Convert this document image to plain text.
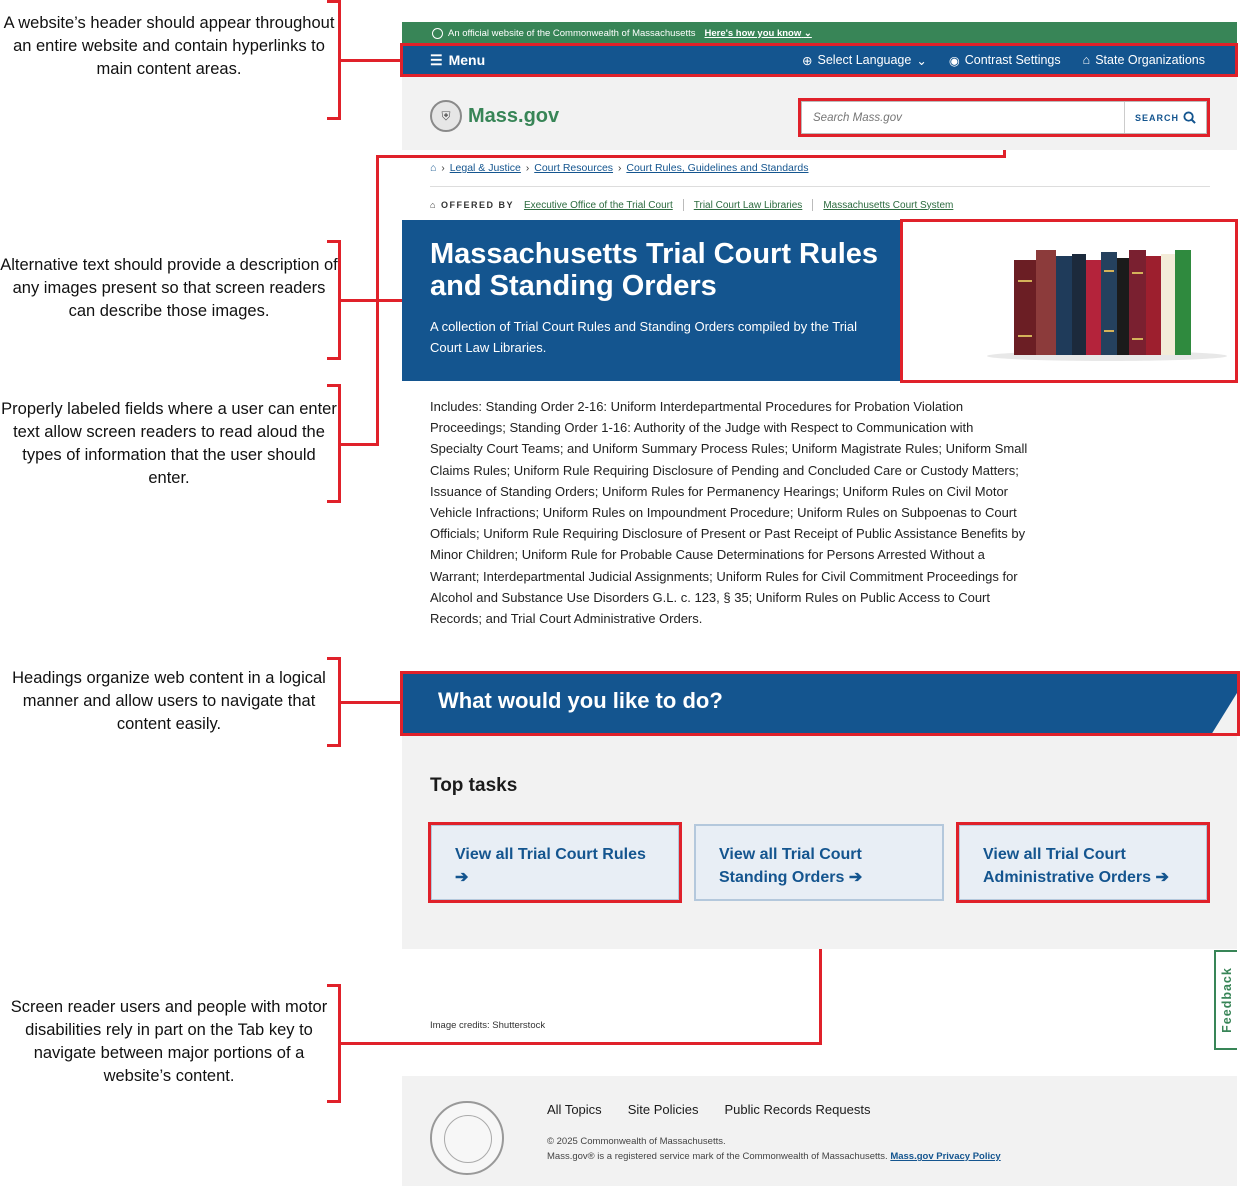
A website’s header should appear throughout an entire website and contain hyperlinks to main content areas.
Alternative text should provide a description of any images present so that screen readers can describe those images.
Properly labeled fields where a user can enter text allow screen readers to read aloud the types of information that the user should enter.
Headings organize web content in a logical manner and allow users to navigate that content easily.
Screen reader users and people with motor disabilities rely in part on the Tab key to navigate between major portions of a website’s content.
An official website of the Commonwealth of Massachusetts Here's how you know ⌄
☰ Menu	⊕ Select Language ⌄ ◉ Contrast Settings ⌂ State Organizations
⛨ Mass.gov
Search Mass.gov	SEARCH
⌂ › Legal & Justice › Court Resources › Court Rules, Guidelines and Standards
⌂ OFFERED BY Executive Office of the Trial Court Trial Court Law Libraries Massachusetts Court System
Massachusetts Trial Court Rules and Standing Orders

A collection of Trial Court Rules and Standing Orders compiled by the Trial Court Law Libraries.

Includes: Standing Order 2-16: Uniform Interdepartmental Procedures for Probation Violation Proceedings; Standing Order 1-16: Authority of the Judge with Respect to Communication with Specialty Court Teams; and Uniform Summary Process Rules; Uniform Magistrate Rules; Uniform Small Claims Rules; Uniform Rule Requiring Disclosure of Pending and Concluded Care or Custody Matters; Issuance of Standing Orders; Uniform Rules for Permanency Hearings; Uniform Rules on Civil Motor Vehicle Infractions; Uniform Rules on Impoundment Procedure; Uniform Rules on Subpoenas to Court Officials; Uniform Rule Requiring Disclosure of Present or Past Receipt of Public Assistance Benefits by Minor Children; Uniform Rule for Probable Cause Determinations for Persons Arrested Without a Warrant; Interdepartmental Judicial Assignments; Uniform Rules for Civil Commitment Proceedings for Alcohol and Substance Use Disorders G.L. c. 123, § 35; Uniform Rules on Public Access to Court Records; and Trial Court Administrative Orders.

What would you like to do?
Top tasks
View all Trial Court Rules ➔
View all Trial Court Standing Orders ➔
View all Trial Court Administrative Orders ➔
Image credits: Shutterstock	Feedback
All Topics Site Policies Public Records Requests
© 2025 Commonwealth of Massachusetts.
Mass.gov® is a registered service mark of the Commonwealth of Massachusetts. Mass.gov Privacy Policy
